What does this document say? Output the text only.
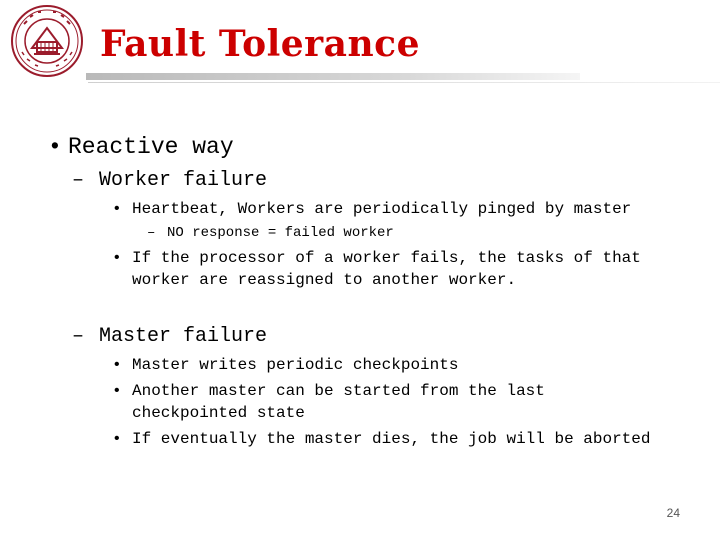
Fault Tolerance
• Reactive way
– Worker failure
• Heartbeat, Workers are periodically pinged by master
– NO response = failed worker
• If the processor of a worker fails, the tasks of that
worker are reassigned to another worker.
– Master failure
• Master writes periodic checkpoints
• Another master can be started from the last
checkpointed state
• If eventually the master dies, the job will be aborted
24
